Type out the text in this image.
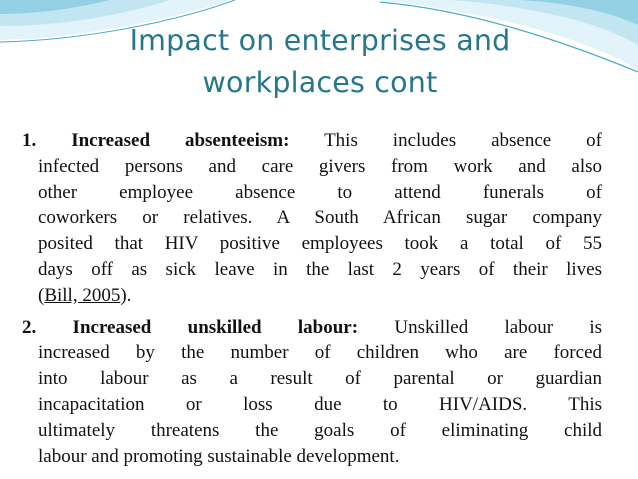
Impact on enterprises and
workplaces cont
1. Increased absenteeism: This includes absence of
infected persons and care givers from work and also
other employee absence to attend funerals of
coworkers or relatives. A South African sugar company
posited that HIV positive employees took a total of 55
days off as sick leave in the last 2 years of their lives
(Bill, 2005).
2. Increased unskilled labour: Unskilled labour is
increased by the number of children who are forced
into labour as a result of parental or guardian
incapacitation or loss due to HIV/AIDS. This
ultimately threatens the goals of eliminating child
labour and promoting sustainable development.
